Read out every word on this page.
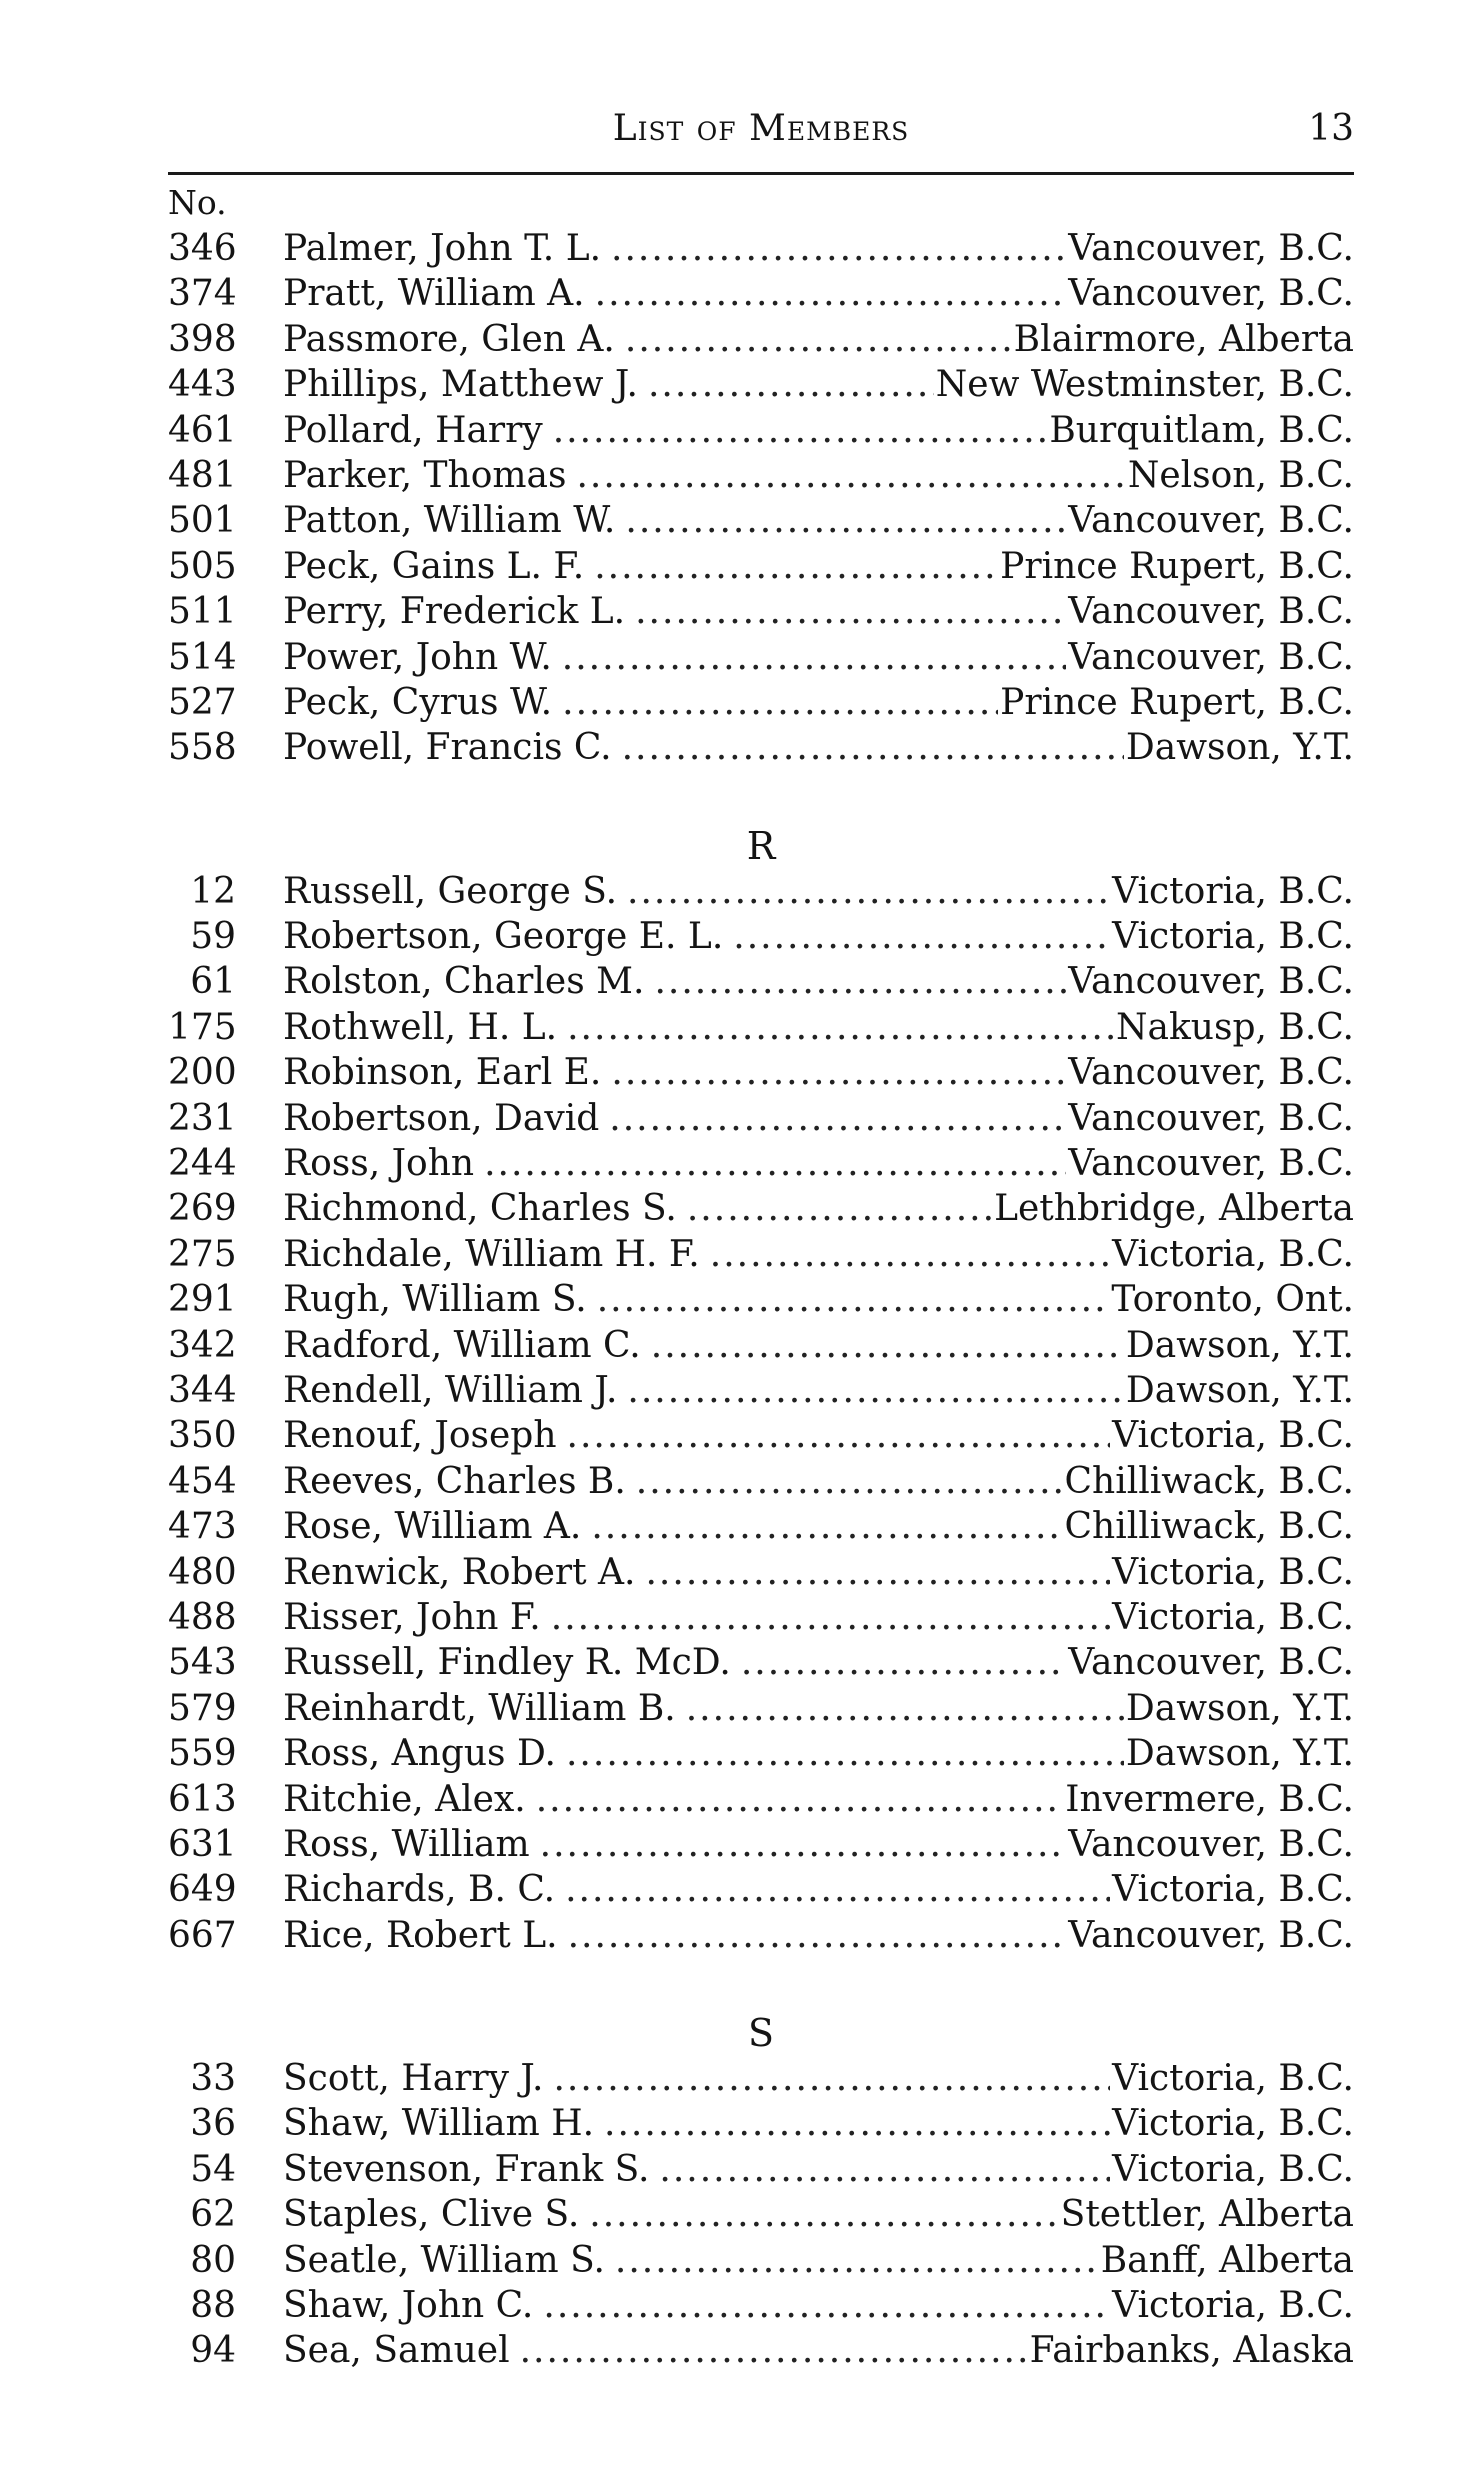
List of Members	13
No.
346 Palmer, John T. L. .....	Vancouver, B.C.
374 Pratt, William A. .....	Vancouver, B.C.
398 Passmore, Glen A. .....	Blairmore, Alberta
443 Phillips, Matthew J. .....	New Westminster, B.C.
461 Pollard, Harry .....	Burquitlam, B.C.
481 Parker, Thomas .....	Nelson, B.C.
501 Patton, William W. .....	Vancouver, B.C.
505 Peck, Gains L. F. .....	Prince Rupert, B.C.
511 Perry, Frederick L. .....	Vancouver, B.C.
514 Power, John W. .....	Vancouver, B.C.
527 Peck, Cyrus W. .....	Prince Rupert, B.C.
558 Powell, Francis C. .....	Dawson, Y.T.
R
12 Russell, George S. .....	Victoria, B.C.
59 Robertson, George E. L. .....	Victoria, B.C.
61 Rolston, Charles M. .....	Vancouver, B.C.
175 Rothwell, H. L. .....	Nakusp, B.C.
200 Robinson, Earl E. .....	Vancouver, B.C.
231 Robertson, David .....	Vancouver, B.C.
244 Ross, John .....	Vancouver, B.C.
269 Richmond, Charles S. .....	Lethbridge, Alberta
275 Richdale, William H. F. .....	Victoria, B.C.
291 Rugh, William S. .....	Toronto, Ont.
342 Radford, William C. .....	Dawson, Y.T.
344 Rendell, William J. .....	Dawson, Y.T.
350 Renouf, Joseph .....	Victoria, B.C.
454 Reeves, Charles B. .....	Chilliwack, B.C.
473 Rose, William A. .....	Chilliwack, B.C.
480 Renwick, Robert A. .....	Victoria, B.C.
488 Risser, John F. .....	Victoria, B.C.
543 Russell, Findley R. McD. .....	Vancouver, B.C.
579 Reinhardt, William B. .....	Dawson, Y.T.
559 Ross, Angus D. .....	Dawson, Y.T.
613 Ritchie, Alex. .....	Invermere, B.C.
631 Ross, William .....	Vancouver, B.C.
649 Richards, B. C. .....	Victoria, B.C.
667 Rice, Robert L. .....	Vancouver, B.C.
S
33 Scott, Harry J. .....	Victoria, B.C.
36 Shaw, William H. .....	Victoria, B.C.
54 Stevenson, Frank S. .....	Victoria, B.C.
62 Staples, Clive S. .....	Stettler, Alberta
80 Seatle, William S. .....	Banff, Alberta
88 Shaw, John C. .....	Victoria, B.C.
94 Sea, Samuel .....	Fairbanks, Alaska
